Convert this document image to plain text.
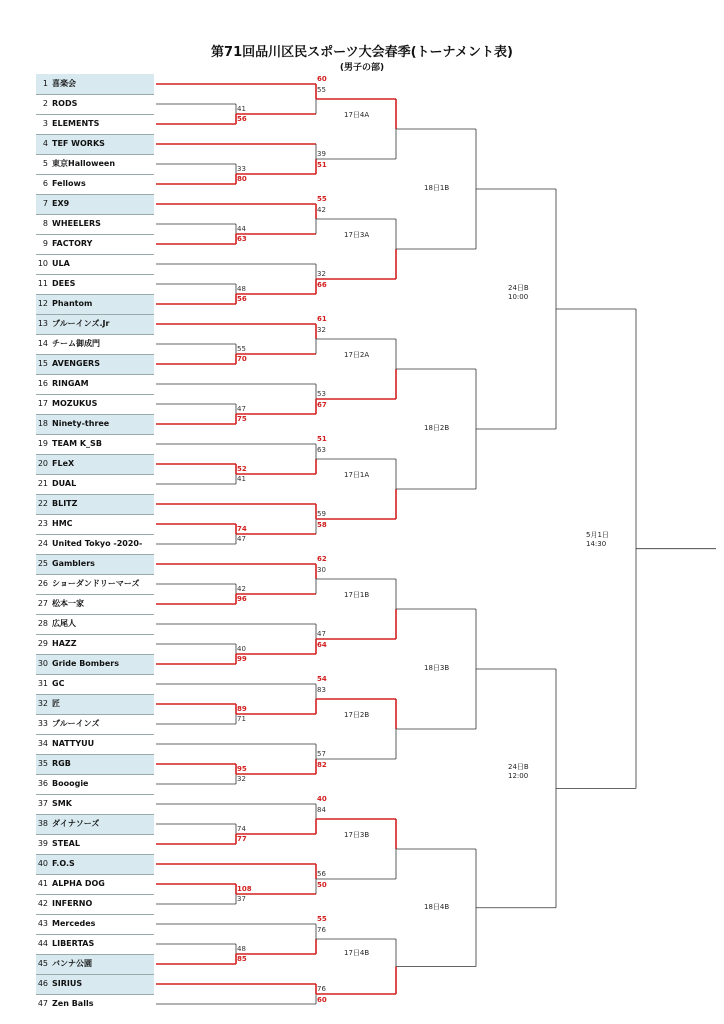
第71回品川区民スポーツ大会春季(トーナメント表)
(男子の部)
1 喜楽会
2 RODS
3 ELEMENTS
4 TEF WORKS
5 東京Halloween
6 Fellows
7 EX9
8 WHEELERS
9 FACTORY
10 ULA
11 DEES
12 Phantom
13 ブルーインズ.Jr
14 チーム御成門
15 AVENGERS
16 RINGAM
17 MOZUKUS
18 Ninety-three
19 TEAM K_SB
20 FLeX
21 DUAL
22 BLITZ
23 HMC
24 United Tokyo -2020-
25 Gamblers
26 ショーダンドリーマーズ
27 松本一家
28 広尾人
29 HAZZ
30 Gride Bombers
31 GC
32 匠
33 ブルーインズ
34 NATTYUU
35 RGB
36 Booogie
37 SMK
38 ダイナソーズ
39 STEAL
40 F.O.S
41 ALPHA DOG
42 INFERNO
43 Mercedes
44 LIBERTAS
45 バンナ公園
46 SIRIUS
47 Zen Balls
56
41
80
33
60
55
39
51
17日4A
63
44
56
48
55
42
32
66
17日3A
70
55
75
47
61
32
53
67
17日2A
52
41
74
47
51
63
59
58
17日1A
96
42
99
40
62
30
47
64
17日1B
89
71
95
32
54
83
57
82
17日2B
77
74
108
37
40
84
56
50
17日3B
85
48
55
76
76
60
17日4B
18日1B
18日2B
18日3B
18日4B
24日B
10:00
24日B
12:00
5月1日
14:30
